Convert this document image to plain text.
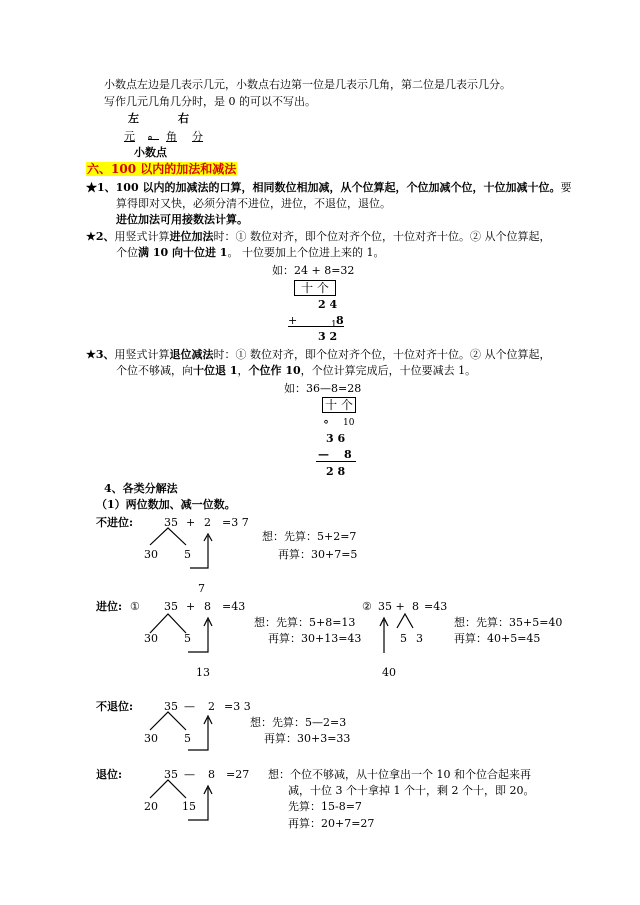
小数点左边是几表示几元，小数点右边第一位是几表示几角，第二位是几表示几分。
写作几元几角几分时，是 0 的可以不写出。
左	右
元 。 角 分
小数点
六、100 以内的加法和减法
★1、100 以内的加减法的口算，相同数位相加减，从个位算起，个位加减个位，十位加减十位。要
算得即对又快，必须分清不进位，进位，不退位，退位。
进位加法可用接数法计算。
★2、用竖式计算进位加法时：① 数位对齐，即个位对齐个位，十位对齐十位。② 从个位算起，
个位满 10 向十位进 1。 十位要加上个位进上来的 1。
如：24 + 8=32
十 个
2 4
+	1 8
3 2
★3、用竖式计算退位减法时：① 数位对齐，即个位对齐个位，十位对齐十位。② 从个位算起，
个位不够减，向十位退 1，个位作 10，个位计算完成后，十位要减去 1。
如：36—8=28
十 个
。 10
3 6
— 8
2 8
4、各类分解法
（1）两位数加、减一位数。
不进位:	35 + 2 =3 7
想：先算：5+2=7
30 5	再算：30+7=5
7
进位: ① 35 + 8 =43
想：先算：5+8=13
30 5	再算：30+13=43
13
② 35 + 8 =43
想：先算：35+5=40
5 3	再算：40+5=45
40
不退位:	35 — 2 =3 3
想：先算：5—2=3
30 5	再算：30+3=33
退位:	35 — 8 =27 想：个位不够减，从十位拿出一个 10 和个位合起来再
减，十位 3 个十拿掉 1 个十，剩 2 个十，即 20。
20 15	先算：15-8=7
再算：20+7=27
